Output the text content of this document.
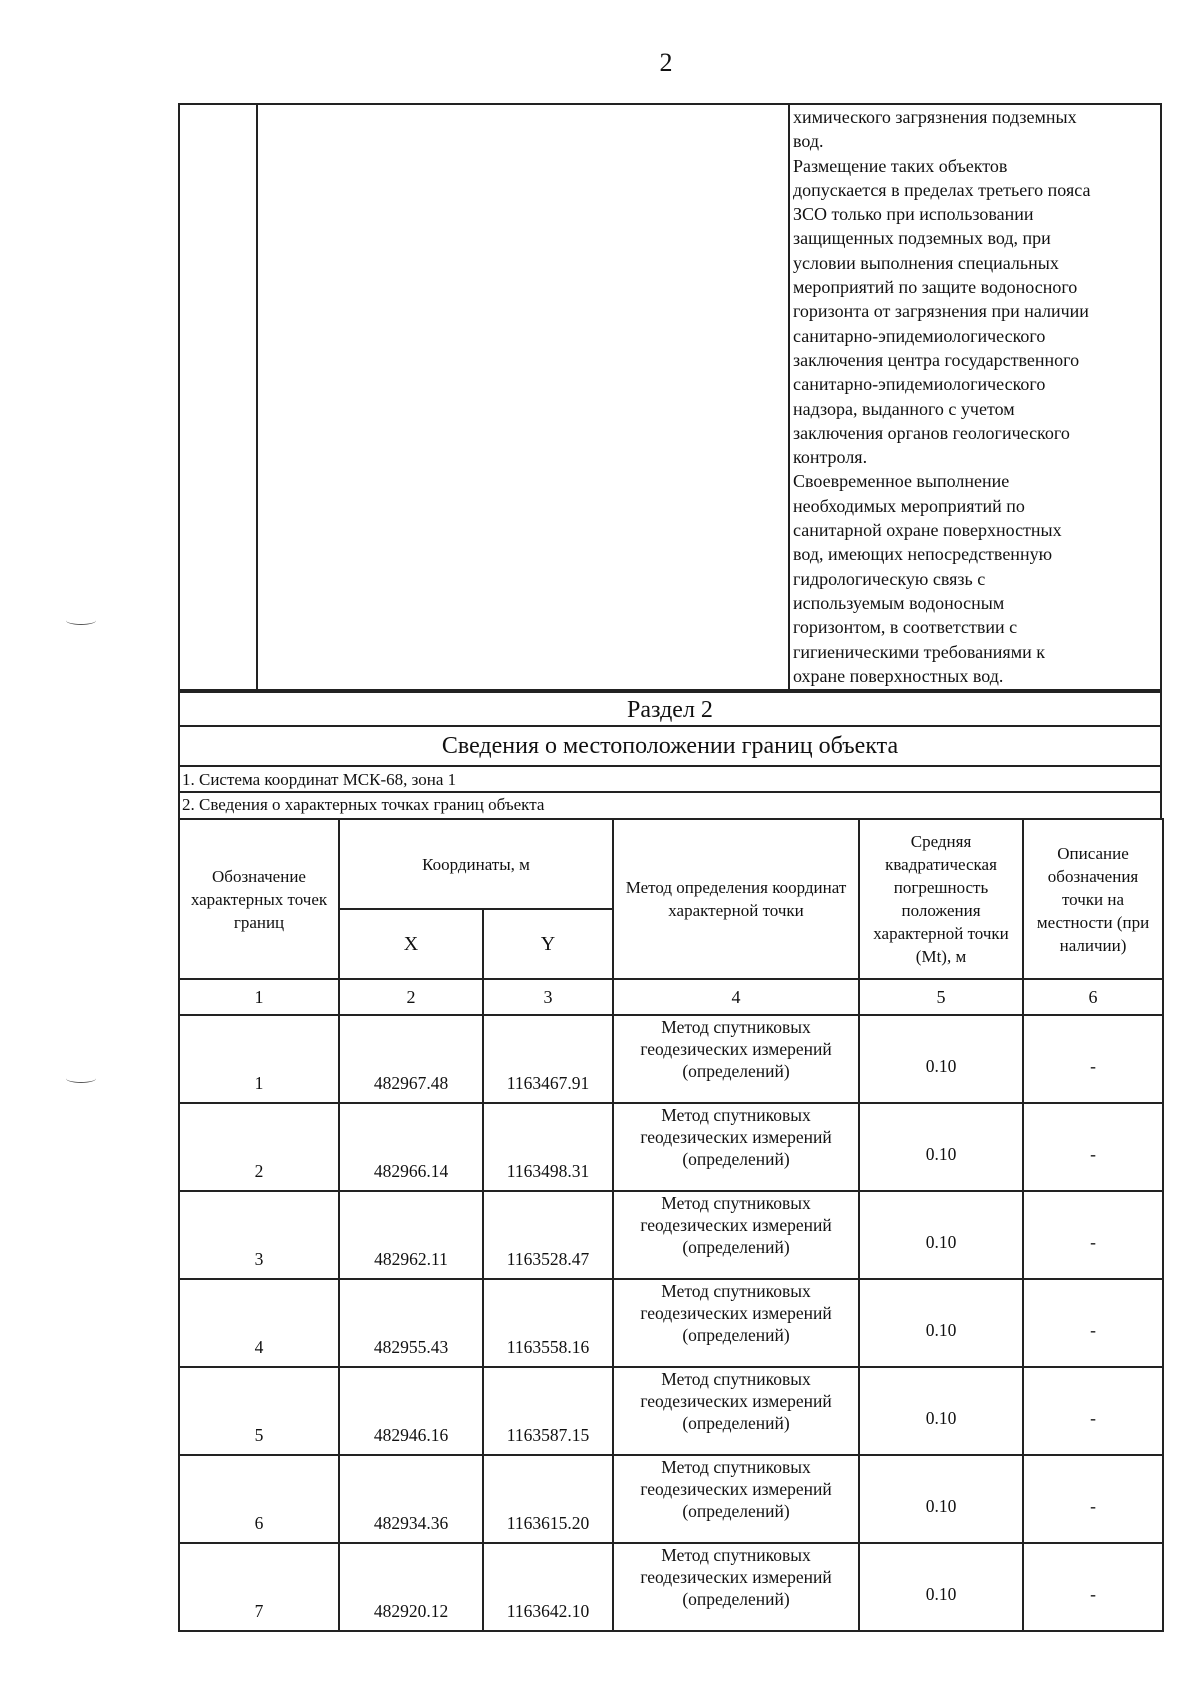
2

химического загрязнения подземных

вод.

Размещение таких объектов

допускается в пределах третьего пояса

ЗСО только при использовании

защищенных подземных вод, при

условии выполнения специальных

мероприятий по защите водоносного

горизонта от загрязнения при наличии

санитарно-эпидемиологического

заключения центра государственного

санитарно-эпидемиологического

надзора, выданного с учетом

заключения органов геологического

контроля.

Своевременное выполнение

необходимых мероприятий по

санитарной охране поверхностных

вод, имеющих непосредственную

гидрологическую связь с

используемым водоносным

горизонтом, в соответствии с

гигиеническими требованиями к

охране поверхностных вод.

Раздел 2
Сведения о местоположении границ объекта
1. Система координат МСК-68, зона 1
2. Сведения о характерных точках границ объекта
Обозначение характерных точек границ	Координаты, м		Метод определения координат характерной точки	Средняя квадратическая погрешность положения характерной точки (Mt), м	Описание обозначения точки на местности (при наличии)
	X	Y			
1	2	3	4	5	6
1	482967.48	1163467.91	Метод спутниковых геодезических измерений (определений)	0.10	-
2	482966.14	1163498.31	Метод спутниковых геодезических измерений (определений)	0.10	-
3	482962.11	1163528.47	Метод спутниковых геодезических измерений (определений)	0.10	-
4	482955.43	1163558.16	Метод спутниковых геодезических измерений (определений)	0.10	-
5	482946.16	1163587.15	Метод спутниковых геодезических измерений (определений)	0.10	-
6	482934.36	1163615.20	Метод спутниковых геодезических измерений (определений)	0.10	-
7	482920.12	1163642.10	Метод спутниковых геодезических измерений (определений)	0.10	-
